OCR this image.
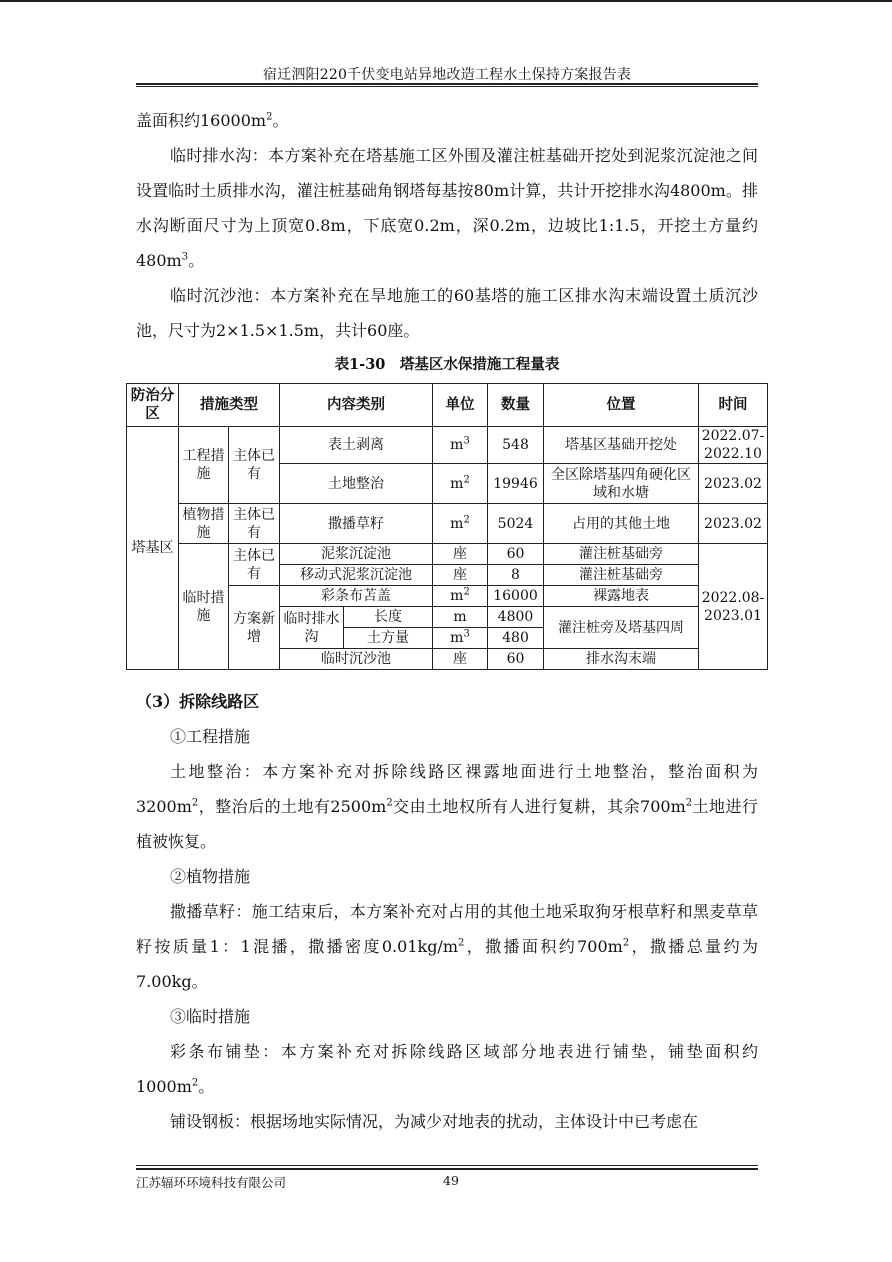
宿迁泗阳220千伏变电站异地改造工程水土保持方案报告表

盖面积约$16000m^2$。

临时排水沟：本方案补充在塔基施工区外围及灌注桩基础开挖处到泥浆沉淀池之间设置临时土质排水沟，灌注桩基础角钢塔每基按80m计算，共计开挖排水沟4800m。排水沟断面尺寸为上顶宽0.8m，下底宽0.2m，深0.2m，边坡比1:1.5，开挖土方量约$480m^3$。

临时沉沙池：本方案补充在旱地施工的60基塔的施工区排水沟末端设置土质沉沙池，尺寸为2×1.5×1.5m，共计60座。

表1-30　塔基区水保措施工程量表
防治分区	措施类型		内容类别		单位	数量	位置	时间
塔基区	工程措施	主体已有	表土剥离		$m^3$	548	塔基区基础开挖处	2022.07-2022.10
			土地整治		$m^2$	19946	全区除塔基四角硬化区域和水塘	2023.02
	植物措施	主体已有	撒播草籽		$m^2$	5024	占用的其他土地	2023.02
	临时措施	主体已有	泥浆沉淀池		座	60	灌注桩基础旁	2022.08-2023.01
			移动式泥浆沉淀池		座	8	灌注桩基础旁	
		方案新增	彩条布苫盖		$m^2$	16000	裸露地表	
			临时排水沟	长度	m	4800	灌注桩旁及塔基四周	
				土方量	$m^3$	480		
			临时沉沙池		座	60	排水沟末端	

（3）拆除线路区

①工程措施

土地整治：本方案补充对拆除线路区裸露地面进行土地整治，整治面积为$3200m^2$，整治后的土地有$2500m^2$交由土地权所有人进行复耕，其余$700m^2$土地进行植被恢复。

②植物措施

撒播草籽：施工结束后，本方案补充对占用的其他土地采取狗牙根草籽和黑麦草草籽按质量1：1混播，撒播密度$0.01kg/m^2$，撒播面积约$700m^2$，撒播总量约为7.00kg。

③临时措施

彩条布铺垫：本方案补充对拆除线路区域部分地表进行铺垫，铺垫面积约$1000m^2$。

铺设钢板：根据场地实际情况，为减少对地表的扰动，主体设计中已考虑在

江苏辐环环境科技有限公司	49
